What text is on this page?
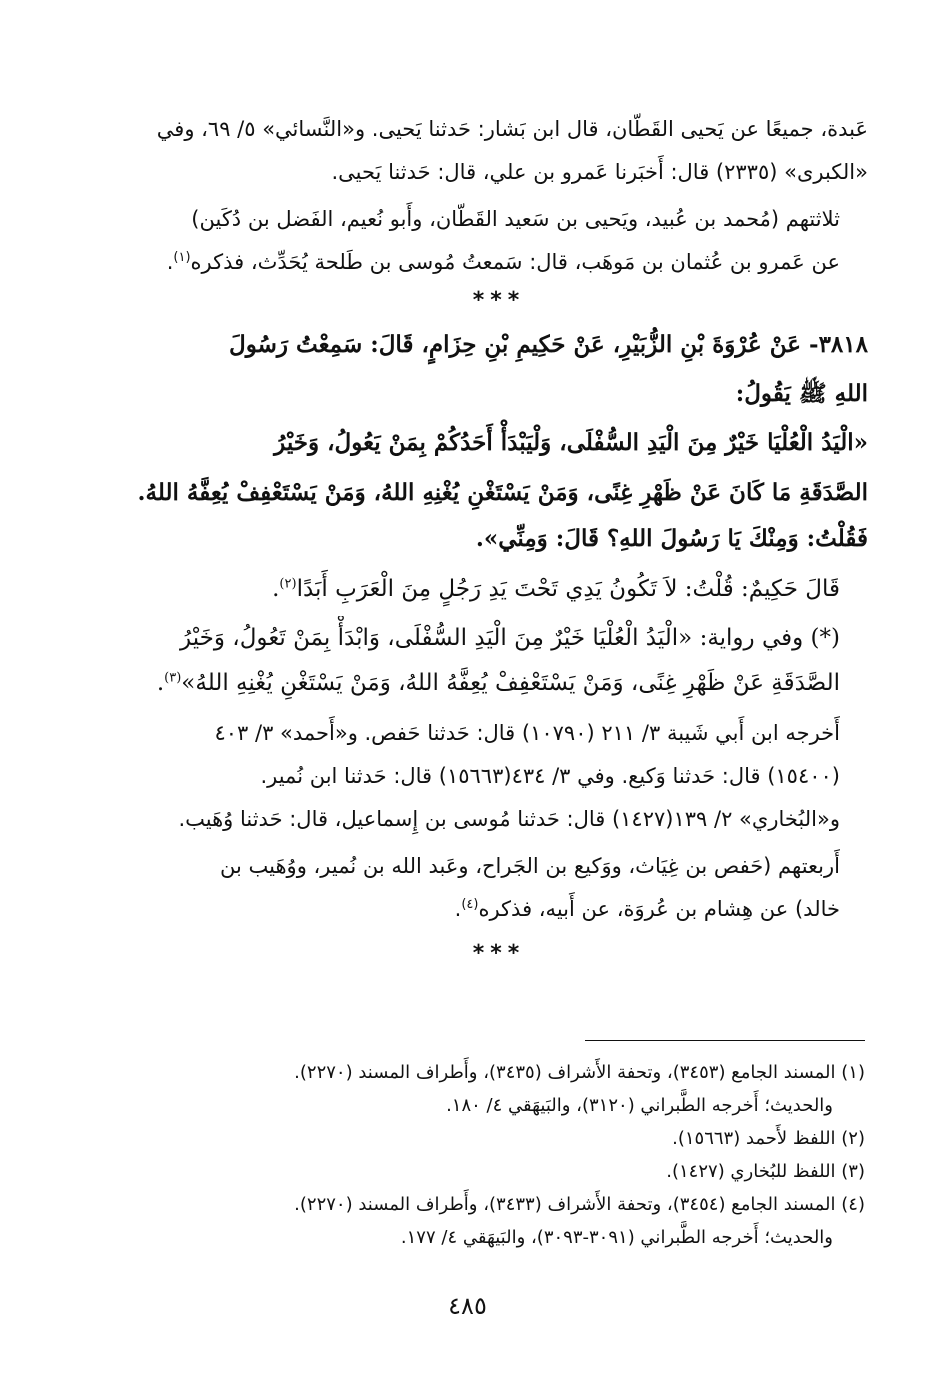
عَبدة، جميعًا عن يَحيى القَطّان، قال ابن بَشار: حَدثنا يَحيى. و«النَّسائي» ٥/ ٦٩، وفي
«الكبرى» (٢٣٣٥) قال: أَخبَرنا عَمرو بن علي، قال: حَدثنا يَحيى.
ثلاثتهم (مُحمد بن عُبيد، ويَحيى بن سَعيد القَطّان، وأَبو نُعيم، الفَضل بن دُكَين)
عن عَمرو بن عُثمان بن مَوهَب، قال: سَمعتُ مُوسى بن طَلحة يُحَدِّث، فذكره$^{(١)}$.
***
٣٨١٨- عَنْ عُرْوَةَ بْنِ الزُّبَيْرِ، عَنْ حَكِيمِ بْنِ حِزَامٍ، قَالَ: سَمِعْتُ رَسُولَ
اللهِ ﷺ يَقُولُ:
«الْيَدُ الْعُلْيَا خَيْرٌ مِنَ الْيَدِ السُّفْلَى، وَلْيَبْدَأْ أَحَدُكُمْ بِمَنْ يَعُولُ، وَخَيْرُ
الصَّدَقَةِ مَا كَانَ عَنْ ظَهْرِ غِنًى، وَمَنْ يَسْتَغْنِ يُغْنِهِ اللهُ، وَمَنْ يَسْتَعْفِفْ يُعِفَّهُ اللهُ.
فَقُلْتُ: وَمِنْكَ يَا رَسُولَ اللهِ؟ قَالَ: وَمِنِّي».
قَالَ حَكِيمٌ: قُلْتُ: لاَ تَكُونُ يَدِي تَحْتَ يَدِ رَجُلٍ مِنَ الْعَرَبِ أَبَدًا$^{(٢)}$.
(*) وفي رواية: «الْيَدُ الْعُلْيَا خَيْرٌ مِنَ الْيَدِ السُّفْلَى، وَابْدَأْ بِمَنْ تَعُولُ، وَخَيْرُ
الصَّدَقَةِ عَنْ ظَهْرِ غِنًى، وَمَنْ يَسْتَعْفِفْ يُعِفَّهُ اللهُ، وَمَنْ يَسْتَغْنِ يُغْنِهِ اللهُ»$^{(٣)}$.
أَخرجه ابن أَبي شَيبة ٣/ ٢١١ (١٠٧٩٠) قال: حَدثنا حَفص. و«أَحمد» ٣/ ٤٠٣
(١٥٤٠٠) قال: حَدثنا وَكيع. وفي ٣/ ٤٣٤(١٥٦٦٣) قال: حَدثنا ابن نُمير.
و«البُخاري» ٢/ ١٣٩(١٤٢٧) قال: حَدثنا مُوسى بن إِسماعيل، قال: حَدثنا وُهَيب.
أَربعتهم (حَفص بن غِيَاث، ووَكيع بن الجَراح، وعَبد الله بن نُمير، ووُهَيب بن
خالد) عن هِشام بن عُروَة، عن أَبيه، فذكره$^{(٤)}$.
***
(١) المسند الجامع (٣٤٥٣)، وتحفة الأَشراف (٣٤٣٥)، وأَطراف المسند (٢٢٧٠).
والحديث؛ أَخرجه الطَّبراني (٣١٢٠)، والبَيهَقي ٤/ ١٨٠.
(٢) اللفظ لأَحمد (١٥٦٦٣).
(٣) اللفظ للبُخاري (١٤٢٧).
(٤) المسند الجامع (٣٤٥٤)، وتحفة الأَشراف (٣٤٣٣)، وأَطراف المسند (٢٢٧٠).
والحديث؛ أَخرجه الطَّبراني (٣٠٩١-٣٠٩٣)، والبَيهَقي ٤/ ١٧٧.
٤٨٥
